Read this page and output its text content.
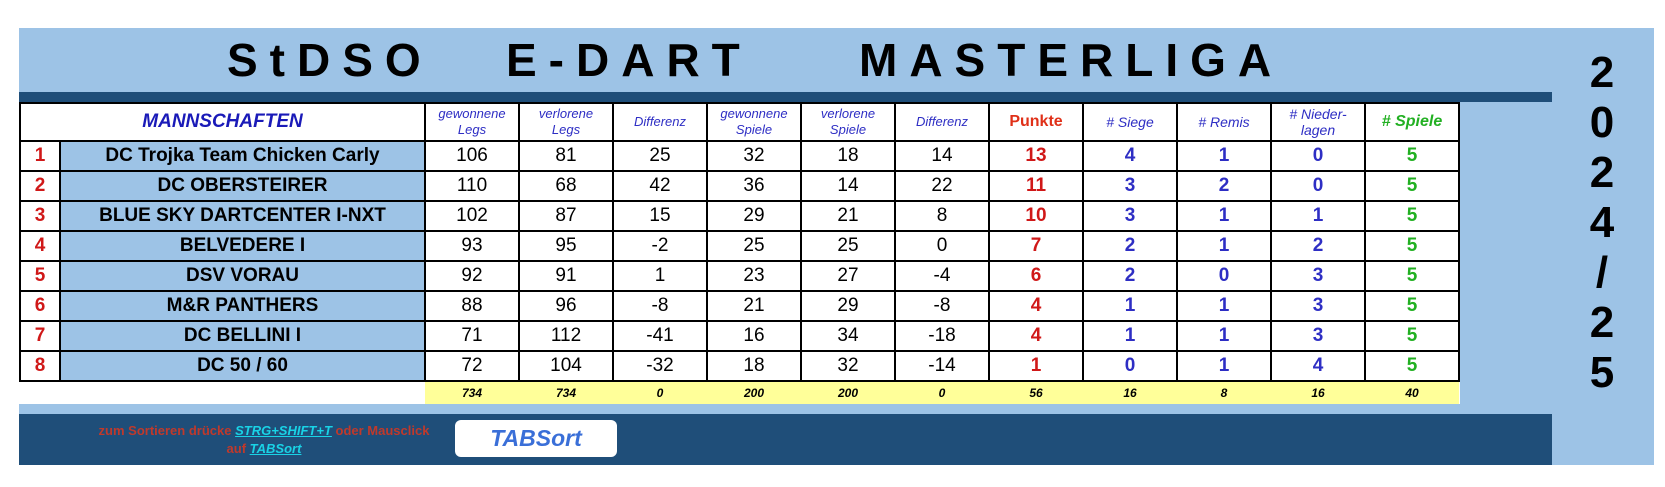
StDSO

E-DART

MASTERLIGA

	2
0
2
4
/
2
5
MANNSCHAFTEN		gewonnene
Legs	verlorene
Legs	Differenz	gewonnene
Spiele	verlorene
Spiele	Differenz	Punkte	# Siege	# Remis	# Nieder-
lagen	# Spiele
1	DC Trojka Team Chicken Carly	106	81	25	32	18	14	13	4	1	0	5
2	DC OBERSTEIRER	110	68	42	36	14	22	11	3	2	0	5
3	BLUE SKY DARTCENTER I-NXT	102	87	15	29	21	8	10	3	1	1	5
4	BELVEDERE I	93	95	-2	25	25	0	7	2	1	2	5
5	DSV VORAU	92	91	1	23	27	-4	6	2	0	3	5
6	M&R PANTHERS	88	96	-8	21	29	-8	4	1	1	3	5
7	DC BELLINI I	71	112	-41	16	34	-18	4	1	1	3	5
8	DC 50 / 60	72	104	-32	18	32	-14	1	0	1	4	5
		734	734	0	200	200	0	56	16	8	16	40
zum Sortieren drücke STRG+SHIFT+T oder Mausclick
auf TABSort	TABSort
